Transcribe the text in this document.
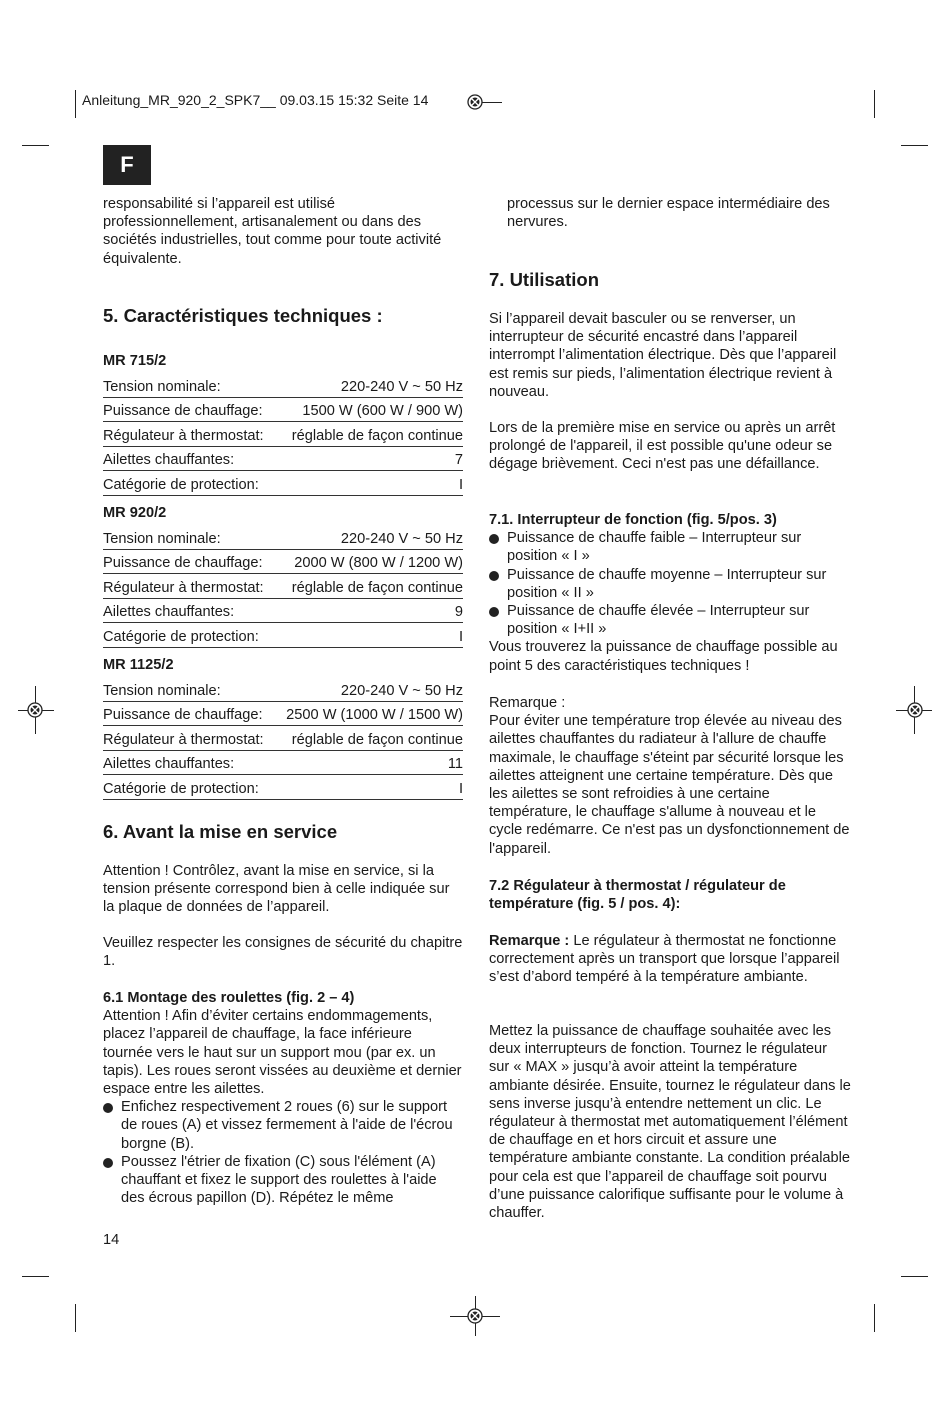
Anleitung_MR_920_2_SPK7__ 09.03.15 15:32 Seite 14
F

responsabilité si l’appareil est utilisé professionnellement, artisanalement ou dans des sociétés industrielles, tout comme pour toute activité équivalente.

5. Caractéristiques techniques :

MR 715/2

Tension nominale:	220-240 V ~ 50 Hz
Puissance de chauffage:	1500 W (600 W / 900 W)
Régulateur à thermostat: réglable de façon continue
Ailettes chauffantes:	7
Catégorie de protection:	I

MR 920/2

Tension nominale:	220-240 V ~ 50 Hz
Puissance de chauffage: 2000 W (800 W / 1200 W)
Régulateur à thermostat: réglable de façon continue
Ailettes chauffantes:	9
Catégorie de protection:	I

MR 1125/2

Tension nominale:	220-240 V ~ 50 Hz
Puissance de chauffage: 2500 W (1000 W / 1500 W)
Régulateur à thermostat: réglable de façon continue
Ailettes chauffantes:	11
Catégorie de protection:	I
6. Avant la mise en service

Attention ! Contrôlez, avant la mise en service, si la tension présente correspond bien à celle indiquée sur la plaque de données de l’appareil.

Veuillez respecter les consignes de sécurité du chapitre 1.

6.1 Montage des roulettes (fig. 2 – 4)

Attention ! Afin d’éviter certains endommagements, placez l’appareil de chauffage, la face inférieure tournée vers le haut sur un support mou (par ex. un tapis). Les roues seront vissées au deuxième et dernier espace entre les ailettes.

Enfichez respectivement 2 roues (6) sur le support de roues (A) et vissez fermement à l'aide de l'écrou borgne (B).

Poussez l'étrier de fixation (C) sous l'élément (A) chauffant et fixez le support des roulettes à l'aide des écrous papillon (D). Répétez le même

14

processus sur le dernier espace intermédiaire des nervures.

7. Utilisation

Si l’appareil devait basculer ou se renverser, un interrupteur de sécurité encastré dans l’appareil interrompt l’alimentation électrique. Dès que l’appareil est remis sur pieds, l’alimentation électrique revient à nouveau.

Lors de la première mise en service ou après un arrêt prolongé de l'appareil, il est possible qu'une odeur se dégage brièvement. Ceci n'est pas une défaillance.

7.1. Interrupteur de fonction (fig. 5/pos. 3)

Puissance de chauffe faible – Interrupteur sur position « I »

Puissance de chauffe moyenne – Interrupteur sur position « II »

Puissance de chauffe élevée – Interrupteur sur position « I+II »

Vous trouverez la puissance de chauffage possible au point 5 des caractéristiques techniques !

Remarque :

Pour éviter une température trop élevée au niveau des ailettes chauffantes du radiateur à l'allure de chauffe maximale, le chauffage s'éteint par sécurité lorsque les ailettes atteignent une certaine température. Dès que les ailettes se sont refroidies à une certaine température, le chauffage s'allume à nouveau et le cycle redémarre. Ce n'est pas un dysfonctionnement de l'appareil.

7.2 Régulateur à thermostat / régulateur de température (fig. 5 / pos. 4):

Remarque : Le régulateur à thermostat ne fonctionne correctement après un transport que lorsque l’appareil s’est d’abord tempéré à la température ambiante.

Mettez la puissance de chauffage souhaitée avec les deux interrupteurs de fonction. Tournez le régulateur sur « MAX » jusqu’à avoir atteint la température ambiante désirée. Ensuite, tournez le régulateur dans le sens inverse jusqu’à entendre nettement un clic. Le régulateur à thermostat met automatiquement l’élément de chauffage en et hors circuit et assure une température ambiante constante. La condition préalable pour cela est que l’appareil de chauffage soit pourvu d’une puissance calorifique suffisante pour le volume à chauffer.
